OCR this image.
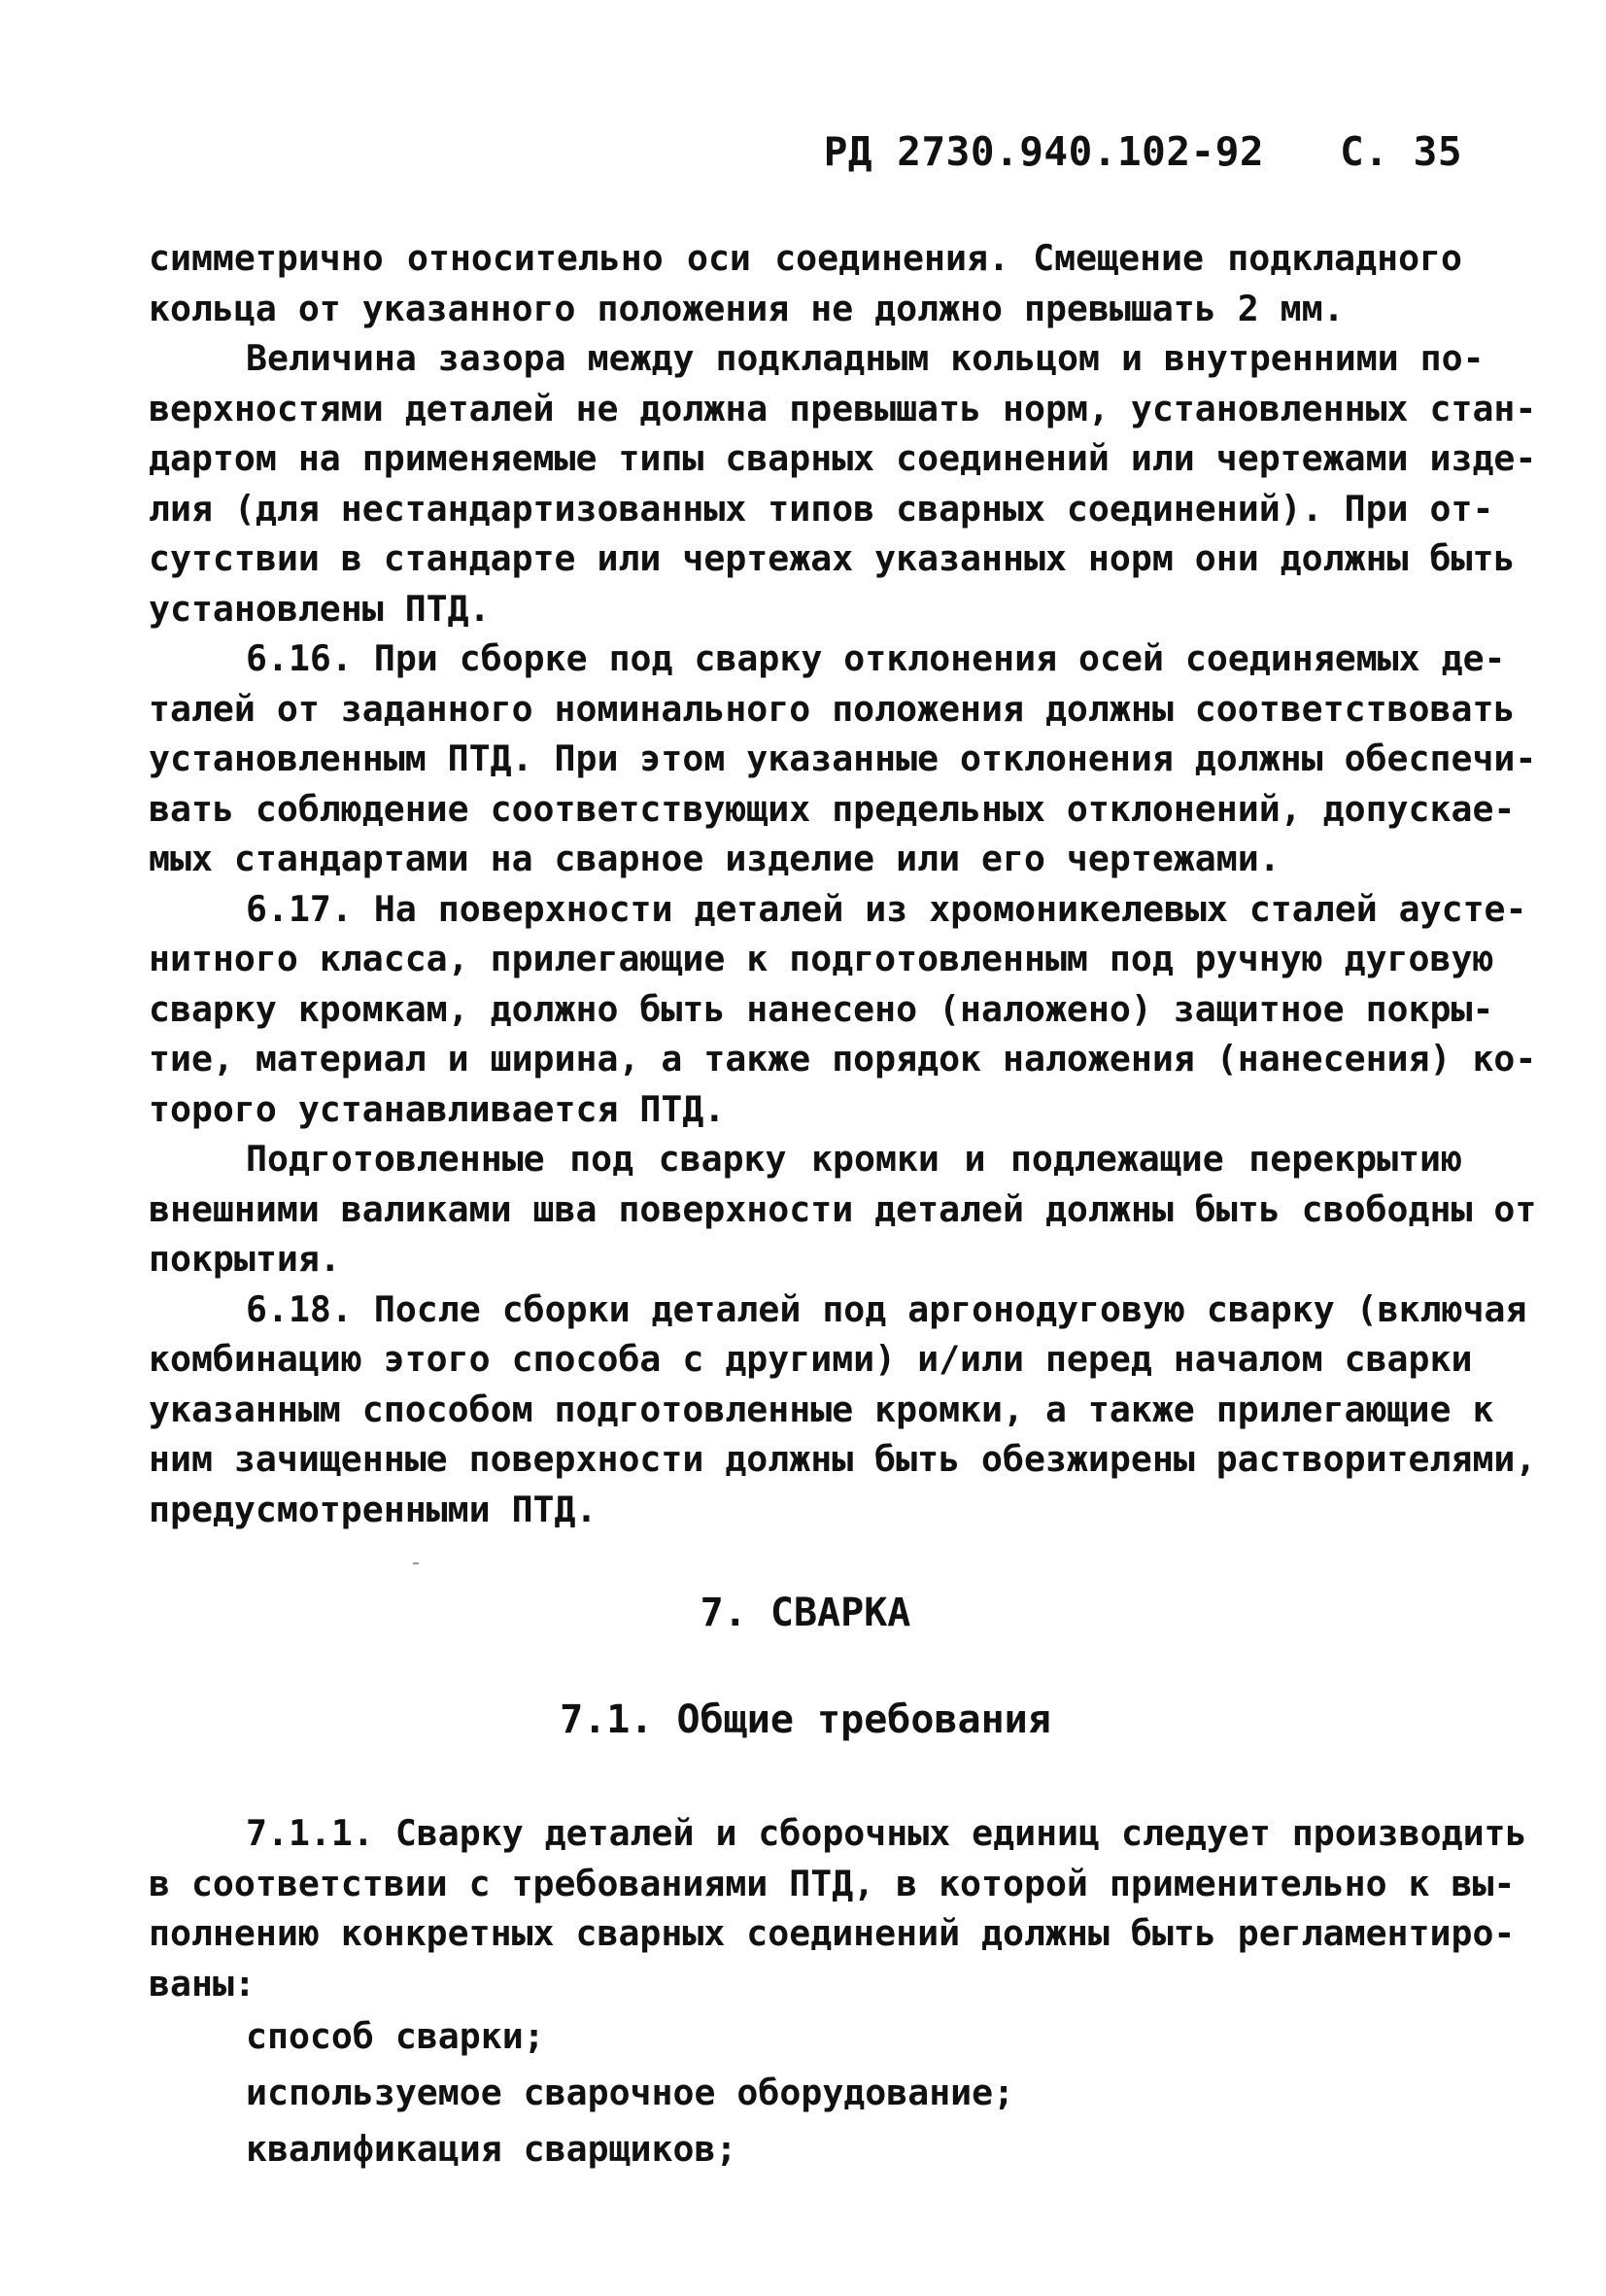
РД 2730.940.102-92 С. 35
симметрично относительно оси соединения. Смещение подкладного
кольца от указанного положения не должно превышать 2 мм.
Величина зазора между подкладным кольцом и внутренними по-
верхностями деталей не должна превышать норм, установленных стан-
дартом на применяемые типы сварных соединений или чертежами изде-
лия (для нестандартизованных типов сварных соединений). При от-
сутствии в стандарте или чертежах указанных норм они должны быть
установлены ПТД.
6.16. При сборке под сварку отклонения осей соединяемых де-
талей от заданного номинального положения должны соответствовать
установленным ПТД. При этом указанные отклонения должны обеспечи-
вать соблюдение соответствующих предельных отклонений, допускае-
мых стандартами на сварное изделие или его чертежами.
6.17. На поверхности деталей из хромоникелевых сталей аусте-
нитного класса, прилегающие к подготовленным под ручную дуговую
сварку кромкам, должно быть нанесено (наложено) защитное покры-
тие, материал и ширина, а также порядок наложения (нанесения) ко-
торого устанавливается ПТД.
Подготовленные под сварку кромки и подлежащие перекрытию
внешними валиками шва поверхности деталей должны быть свободны от
покрытия.
6.18. После сборки деталей под аргонодуговую сварку (включая
комбинацию этого способа с другими) и/или перед началом сварки
указанным способом подготовленные кромки, а также прилегающие к
ним зачищенные поверхности должны быть обезжирены растворителями,
предусмотренными ПТД.
7. СВАРКА
7.1. Общие требования
7.1.1. Сварку деталей и сборочных единиц следует производить
в соответствии с требованиями ПТД, в которой применительно к вы-
полнению конкретных сварных соединений должны быть регламентиро-
ваны:
способ сварки;
используемое сварочное оборудование;
квалификация сварщиков;
